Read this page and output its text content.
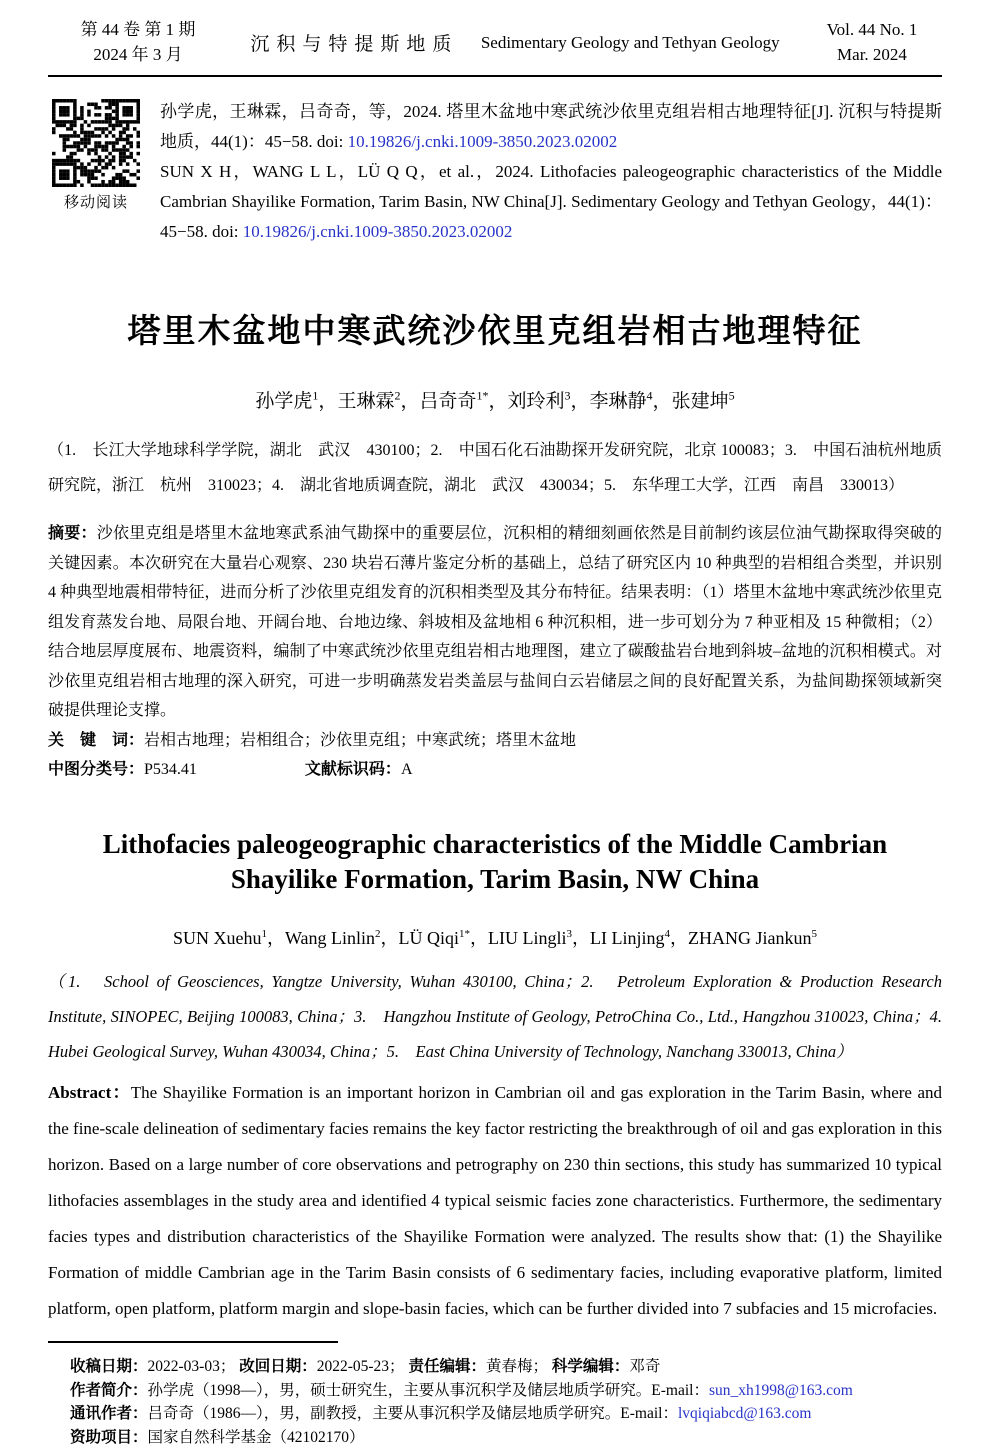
第 44 卷 第 1 期
2024 年 3 月	沉积与特提斯地质 Sedimentary Geology and Tethyan Geology
Vol. 44 No. 1
Mar. 2024
移动阅读

孙学虎，王琳霖，吕奇奇，等，2024. 塔里木盆地中寒武统沙依里克组岩相古地理特征[J]. 沉积与特提斯地质，44(1)：45−58. doi: 10.19826/j.cnki.1009-3850.2023.02002

SUN X H，WANG L L，LÜ Q Q，et al.，2024. Lithofacies paleogeographic characteristics of the Middle Cambrian Shayilike Formation, Tarim Basin, NW China[J]. Sedimentary Geology and Tethyan Geology，44(1)：45−58. doi: 10.19826/j.cnki.1009-3850.2023.02002

塔里木盆地中寒武统沙依里克组岩相古地理特征
孙学虎$^1$，王琳霖$^2$，吕奇奇$^{1*}$，刘玲利$^3$，李琳静$^4$，张建坤$^5$

（1.　长江大学地球科学学院，湖北　武汉　430100；2.　中国石化石油勘探开发研究院，北京 100083；3.　中国石油杭州地质研究院，浙江　杭州　310023；4.　湖北省地质调查院，湖北　武汉　430034；5.　东华理工大学，江西　南昌　330013）

摘要：沙依里克组是塔里木盆地寒武系油气勘探中的重要层位，沉积相的精细刻画依然是目前制约该层位油气勘探取得突破的关键因素。本次研究在大量岩心观察、230 块岩石薄片鉴定分析的基础上，总结了研究区内 10 种典型的岩相组合类型，并识别 4 种典型地震相带特征，进而分析了沙依里克组发育的沉积相类型及其分布特征。结果表明：（1）塔里木盆地中寒武统沙依里克组发育蒸发台地、局限台地、开阔台地、台地边缘、斜坡相及盆地相 6 种沉积相，进一步可划分为 7 种亚相及 15 种微相；（2）结合地层厚度展布、地震资料，编制了中寒武统沙依里克组岩相古地理图，建立了碳酸盐岩台地到斜坡–盆地的沉积相模式。对沙依里克组岩相古地理的深入研究，可进一步明确蒸发岩类盖层与盐间白云岩储层之间的良好配置关系，为盐间勘探领域新突破提供理论支撑。

关　键　词：岩相古地理；岩相组合；沙依里克组；中寒武统；塔里木盆地

中图分类号：P534.41	文献标识码：A

Lithofacies paleogeographic characteristics of the Middle Cambrian Shayilike Formation, Tarim Basin, NW China
SUN Xuehu$^1$，Wang Linlin$^2$，LÜ Qiqi$^{1*}$，LIU Lingli$^3$，LI Linjing$^4$，ZHANG Jiankun$^5$

（1.　School of Geosciences, Yangtze University, Wuhan 430100, China；2.　Petroleum Exploration & Production Research Institute, SINOPEC, Beijing 100083, China；3.　Hangzhou Institute of Geology, PetroChina Co., Ltd., Hangzhou 310023, China；4.　Hubei Geological Survey, Wuhan 430034, China；5.　East China University of Technology, Nanchang 330013, China）

Abstract：The Shayilike Formation is an important horizon in Cambrian oil and gas exploration in the Tarim Basin, where and the fine-scale delineation of sedimentary facies remains the key factor restricting the breakthrough of oil and gas exploration in this horizon. Based on a large number of core observations and petrography on 230 thin sections, this study has summarized 10 typical lithofacies assemblages in the study area and identified 4 typical seismic facies zone characteristics. Furthermore, the sedimentary facies types and distribution characteristics of the Shayilike Formation were analyzed. The results show that: (1) the Shayilike Formation of middle Cambrian age in the Tarim Basin consists of 6 sedimentary facies, including evaporative platform, limited platform, open platform, platform margin and slope-basin facies, which can be further divided into 7 subfacies and 15 microfacies.

收稿日期：2022-03-03； 改回日期：2022-05-23； 责任编辑：黄春梅； 科学编辑：邓奇
作者简介：孙学虎（1998—），男，硕士研究生，主要从事沉积学及储层地质学研究。E-mail：sun_xh1998@163.com
通讯作者：吕奇奇（1986—），男，副教授，主要从事沉积学及储层地质学研究。E-mail：lvqiqiabcd@163.com
资助项目：国家自然科学基金（42102170）
